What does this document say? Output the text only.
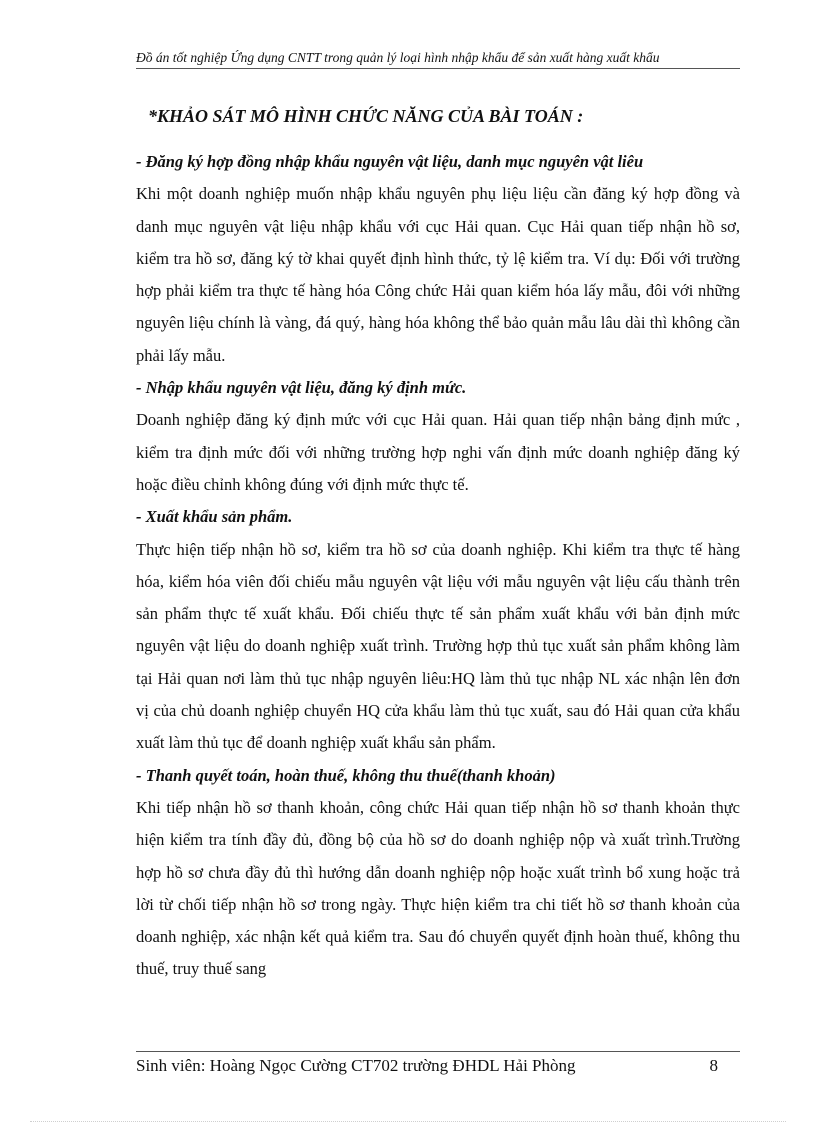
Đồ án tốt nghiệp Ứng dụng CNTT trong quản lý loại hình nhập khẩu để sản xuất hàng xuất khẩu
*KHẢO SÁT MÔ HÌNH CHỨC NĂNG CỦA BÀI TOÁN :
- Đăng ký hợp đồng nhập khẩu nguyên vật liệu, danh mục nguyên vật liêu
Khi một doanh nghiệp muốn nhập khẩu nguyên phụ liệu liệu cần đăng ký hợp đồng và danh mục nguyên vật liệu nhập khẩu với cục Hải quan. Cục Hải quan tiếp nhận hồ sơ, kiểm tra hồ sơ, đăng ký tờ khai quyết định hình thức, tỷ lệ kiểm tra. Ví dụ: Đối với trường hợp phải kiểm tra thực tế hàng hóa Công chức Hải quan kiểm hóa lấy mẫu, đôi với những nguyên liệu chính là vàng, đá quý, hàng hóa không thể bảo quản mẫu lâu dài thì không cần phải lấy mẫu.
- Nhập khẩu nguyên vật liệu, đăng ký định mức.
Doanh nghiệp đăng ký định mức với cục Hải quan. Hải quan tiếp nhận bảng định mức , kiểm tra định mức đối với những trường hợp nghi vấn định mức doanh nghiệp đăng ký hoặc điều chỉnh không đúng với định mức thực tế.
- Xuất khẩu sản phẩm.
Thực hiện tiếp nhận hồ sơ, kiểm tra hồ sơ của doanh nghiệp. Khi kiểm tra thực tế hàng hóa, kiểm hóa viên đối chiếu mẫu nguyên vật liệu với mẫu nguyên vật liệu cấu thành trên sản phẩm thực tế xuất khẩu. Đối chiếu thực tế sản phẩm xuất khẩu với bản định mức nguyên vật liệu do doanh nghiệp xuất trình. Trường hợp thủ tục xuất sản phẩm không làm tại Hải quan nơi làm thủ tục nhập nguyên liêu:HQ làm thủ tục nhập NL xác nhận lên đơn vị của chủ doanh nghiệp chuyển HQ cửa khẩu làm thủ tục xuất, sau đó Hải quan cửa khẩu xuất làm thủ tục để doanh nghiệp xuất khẩu sản phẩm.
- Thanh quyết toán, hoàn thuế, không thu thuế(thanh khoản)
Khi tiếp nhận hồ sơ thanh khoản, công chức Hải quan tiếp nhận hồ sơ thanh khoản thực hiện kiểm tra tính đầy đủ, đồng bộ của hồ sơ do doanh nghiệp nộp và xuất trình.Trường hợp hồ sơ chưa đầy đủ thì hướng dẫn doanh nghiệp nộp hoặc xuất trình bổ xung hoặc trả lời từ chối tiếp nhận hồ sơ trong ngày. Thực hiện kiểm tra chi tiết hồ sơ thanh khoản của doanh nghiệp, xác nhận kết quả kiểm tra. Sau đó chuyển quyết định hoàn thuế, không thu thuế, truy thuế sang
Sinh viên: Hoàng Ngọc Cường CT702 trường ĐHDL Hải Phòng	8
